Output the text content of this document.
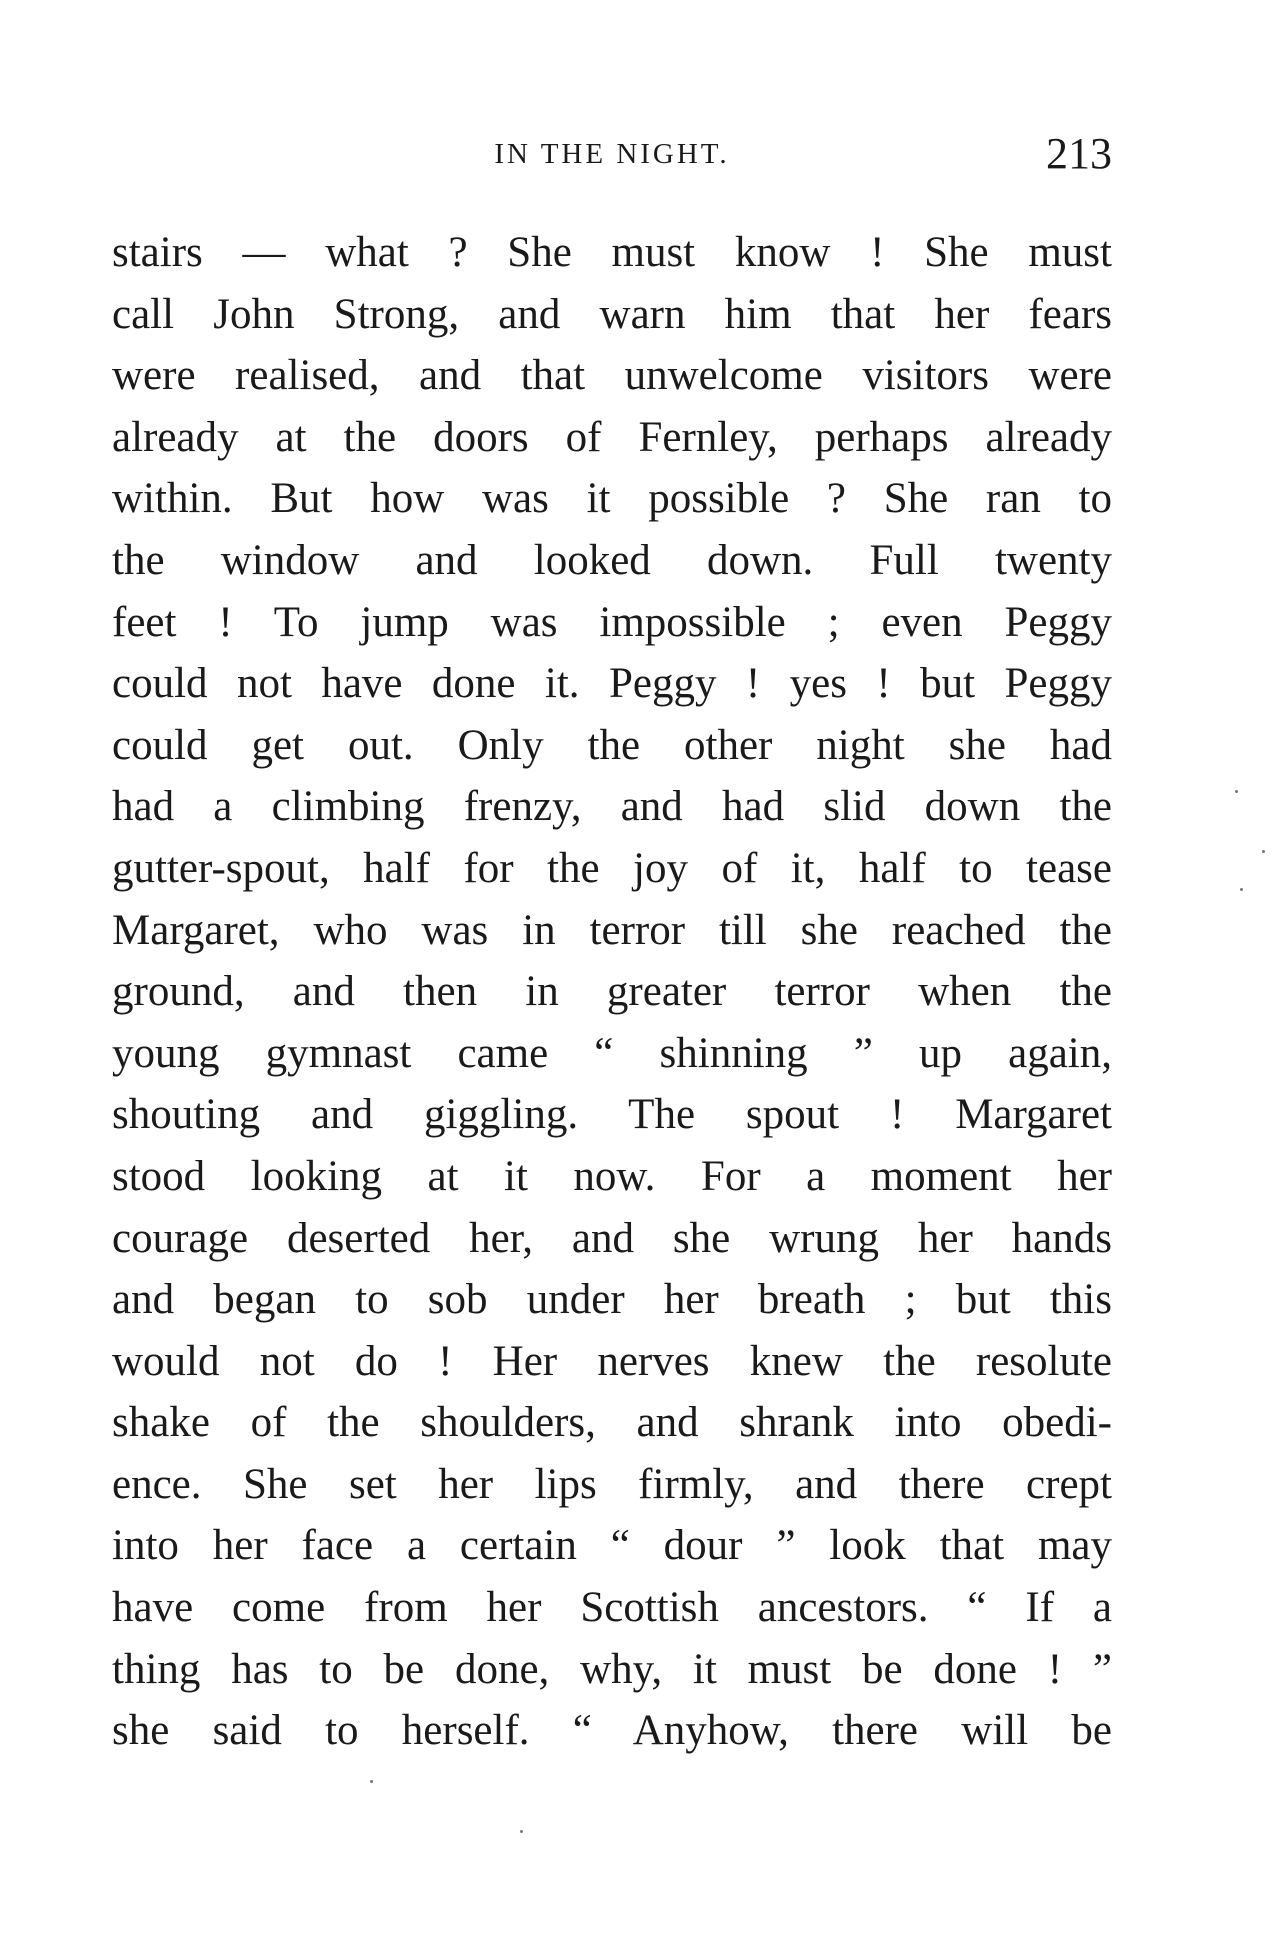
IN THE NIGHT.	213
stairs — what ? She must know ! She must
call John Strong, and warn him that her fears
were realised, and that unwelcome visitors were
already at the doors of Fernley, perhaps already
within. But how was it possible ? She ran to
the window and looked down. Full twenty
feet ! To jump was impossible ; even Peggy
could not have done it. Peggy ! yes ! but Peggy
could get out. Only the other night she had
had a climbing frenzy, and had slid down the
gutter-spout, half for the joy of it, half to tease
Margaret, who was in terror till she reached the
ground, and then in greater terror when the
young gymnast came “ shinning ” up again,
shouting and giggling. The spout ! Margaret
stood looking at it now. For a moment her
courage deserted her, and she wrung her hands
and began to sob under her breath ; but this
would not do ! Her nerves knew the resolute
shake of the shoulders, and shrank into obedi-
ence. She set her lips firmly, and there crept
into her face a certain “ dour ” look that may
have come from her Scottish ancestors. “ If a
thing has to be done, why, it must be done ! ”
she said to herself. “ Anyhow, there will be
